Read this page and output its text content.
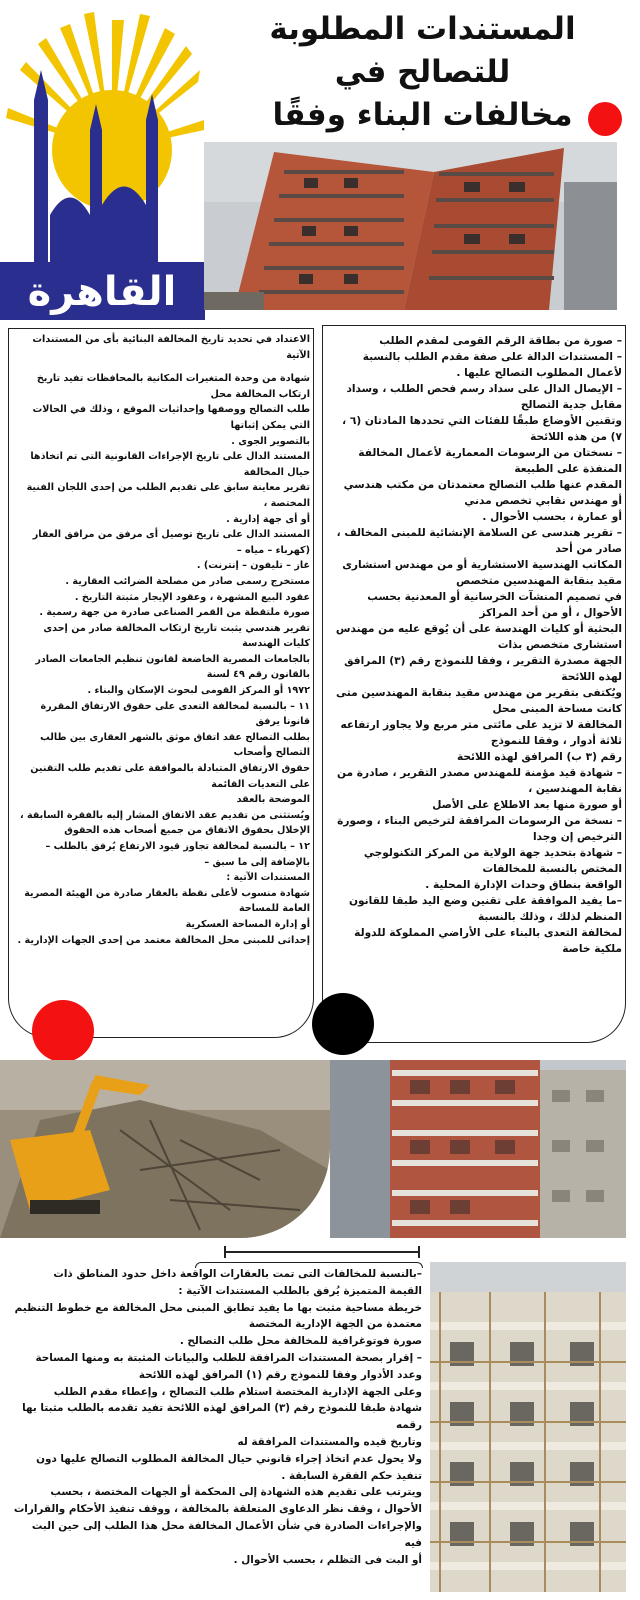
القاهرة
المستندات المطلوبة للتصالح في
مخالفات البناء وفقًا

– صورة من بطاقة الرقم القومى لمقدم الطلب

– المستندات الدالة على صفة مقدم الطلب بالنسبة لأعمال المطلوب التصالح عليها .

– الإيصال الدال على سداد رسم فحص الطلب ، وسداد مقابل جدية التصالح

وتقنين الأوضاع طبقًا للفئات التي تحددها المادتان (٦ ، ٧) من هذه اللائحة

– نسختان من الرسومات المعمارية لأعمال المخالفة المنفذة على الطبيعة

المقدم عنها طلب التصالح معتمدتان من مكتب هندسي أو مهندس نقابي تخصص مدني

أو عمارة ، بحسب الأحوال .

– تقرير هندسى عن السلامة الإنشائية للمبنى المخالف ، صادر من أحد

المكاتب الهندسية الاستشارية أو من مهندس استشارى مقيد بنقابة المهندسين متخصص

في تصميم المنشآت الخرسانية أو المعدنية بحسب الأحوال ، أو من أحد المراكز

البحثية أو كليات الهندسة على أن يُوقع عليه من مهندس استشارى متخصص بذات

الجهة مصدرة التقرير ، وفقا للنموذج رقم (٣) المرافق لهذه اللائحة

ويُكتفى بتقرير من مهندس مقيد بنقابة المهندسين متى كانت مساحة المبنى محل

المخالفة لا تزيد على مائتى متر مربع ولا يجاوز ارتفاعه ثلاثة أدوار ، وفقا للنموذج

رقم (٣ ب) المرافق لهذه اللائحة

– شهادة قيد مؤمنة للمهندس مصدر التقرير ، صادرة من نقابة المهندسين ،

أو صورة منها بعد الاطلاع على الأصل

– نسخة من الرسومات المرافقة لترخيص البناء ، وصورة الترخيص إن وجدا

– شهادة بتحديد جهة الولاية من المركز التكنولوجي المختص بالنسبة للمخالفات

الواقعة بنطاق وحدات الإدارة المحلية .

–ما يفيد الموافقة على تقنين وضع اليد طبقا للقانون المنظم لذلك ، وذلك بالنسبة

لمخالفة التعدى بالبناء على الأراضي المملوكة للدولة ملكية خاصة

الاعتداد في تحديد تاريخ المخالفة البنائية بأى من المستندات الآتية

شهادة من وحدة المتغيرات المكانية بالمحافظات تفيد تاريخ ارتكاب المخالفة محل

طلب التصالح ووصفها وإحداثيات الموقع ، وذلك في الحالات التي يمكن إثباتها

بالتصوير الجوى .

المستند الدال على تاريخ الإجراءات القانونية التى تم اتخاذها حيال المخالفة

تقرير معاينة سابق على تقديم الطلب من إحدى اللجان الفنية المختصة ،

أو أى جهة إدارية .

المستند الدال على تاريخ توصيل أى مرفق من مرافق العقار (كهرباء – مياه –

غاز – تليفون – إنترنت) .

مستخرج رسمى صادر من مصلحة الضرائب العقارية .

عقود البيع المشهرة ، وعقود الإيجار مثبتة التاريخ .

صورة ملتقطة من القمر الصناعى صادرة من جهة رسمية .

تقرير هندسي يثبت تاريخ ارتكاب المخالفة صادر من إحدى كليات الهندسة

بالجامعات المصرية الخاضعة لقانون تنظيم الجامعات الصادر بالقانون رقم ٤٩ لسنة

١٩٧٢ أو المركز القومى لبحوث الإسكان والبناء .

١١ – بالنسبة لمخالفة التعدى على حقوق الارتفاق المقررة قانونا يرفق

بطلب التصالح عقد اتفاق موثق بالشهر العقارى بين طالب التصالح وأصحاب

حقوق الارتفاق المتبادلة بالموافقة على تقديم طلب التقنين على التعديات القائمة

الموضحة بالعقد

ويُستثنى من تقديم عقد الاتفاق المشار إليه بالفقرة السابقة ، الإخلال بحقوق الاتفاق من جميع أصحاب هذه الحقوق

١٢ – بالنسبة لمخالفة تجاوز قيود الارتفاع يُرفق بالطلب – بالإضافة إلى ما سبق –

المستندات الآتية :

شهادة منسوب لأعلى نقطة بالعقار صادرة من الهيئة المصرية العامة للمساحة

أو إدارة المساحة العسكرية

إحداثى للمبنى محل المخالفة معتمد من إحدى الجهات الإدارية .

–بالنسبة للمخالفات التى تمت بالعقارات الواقعة داخل حدود المناطق ذات

القيمة المتميزة يُرفق بالطلب المستندات الآتية :

خريطة مساحية مثبت بها ما يفيد تطابق المبنى محل المخالفة مع خطوط التنظيم

معتمدة من الجهة الإدارية المختصة

صورة فوتوغرافية للمخالفة محل طلب التصالح .

– إقرار بصحة المستندات المرافقة للطلب والبيانات المثبتة به ومنها المساحة

وعدد الأدوار وفقا للنموذج رقم (١) المرافق لهذه اللائحة

وعلى الجهة الإدارية المختصة استلام طلب التصالح ، وإعطاء مقدم الطلب

شهادة طبقا للنموذج رقم (٣) المرافق لهذه اللائحة تفيد تقدمه بالطلب مثبتا بها رقمه

وتاريخ قيده والمستندات المرافقة له

ولا يحول عدم اتخاذ إجراء قانوني حيال المخالفة المطلوب التصالح عليها دون

تنفيذ حكم الفقرة السابقة .

ويترتب على تقديم هذه الشهادة إلى المحكمة أو الجهات المختصة ، بحسب

الأحوال ، وقف نظر الدعاوى المتعلقة بالمخالفة ، ووقف تنفيذ الأحكام والقرارات

والإجراءات الصادرة في شأن الأعمال المخالفة محل هذا الطلب إلى حين البت فيه

أو البت فى التظلم ، بحسب الأحوال .
